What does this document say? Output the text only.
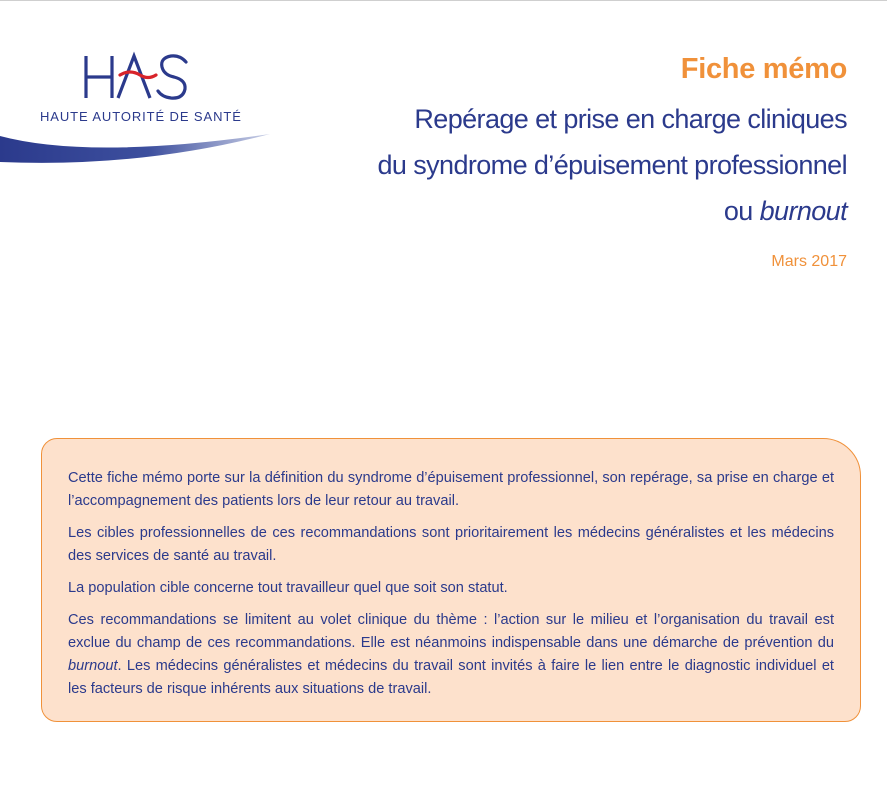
HAUTE AUTORITÉ DE SANTÉ
Fiche mémo
Repérage et prise en charge cliniques
du syndrome d’épuisement professionnel
ou burnout
Mars 2017

Cette fiche mémo porte sur la définition du syndrome d’épuisement professionnel, son repérage, sa prise en charge et l’accompagnement des patients lors de leur retour au travail.

Les cibles professionnelles de ces recommandations sont prioritairement les médecins généralistes et les médecins des services de santé au travail.

La population cible concerne tout travailleur quel que soit son statut.

Ces recommandations se limitent au volet clinique du thème : l’action sur le milieu et l’organisation du travail est exclue du champ de ces recommandations. Elle est néanmoins indispensable dans une démarche de prévention du burnout. Les médecins généralistes et médecins du travail sont invités à faire le lien entre le diagnostic individuel et les facteurs de risque inhérents aux situations de travail.
